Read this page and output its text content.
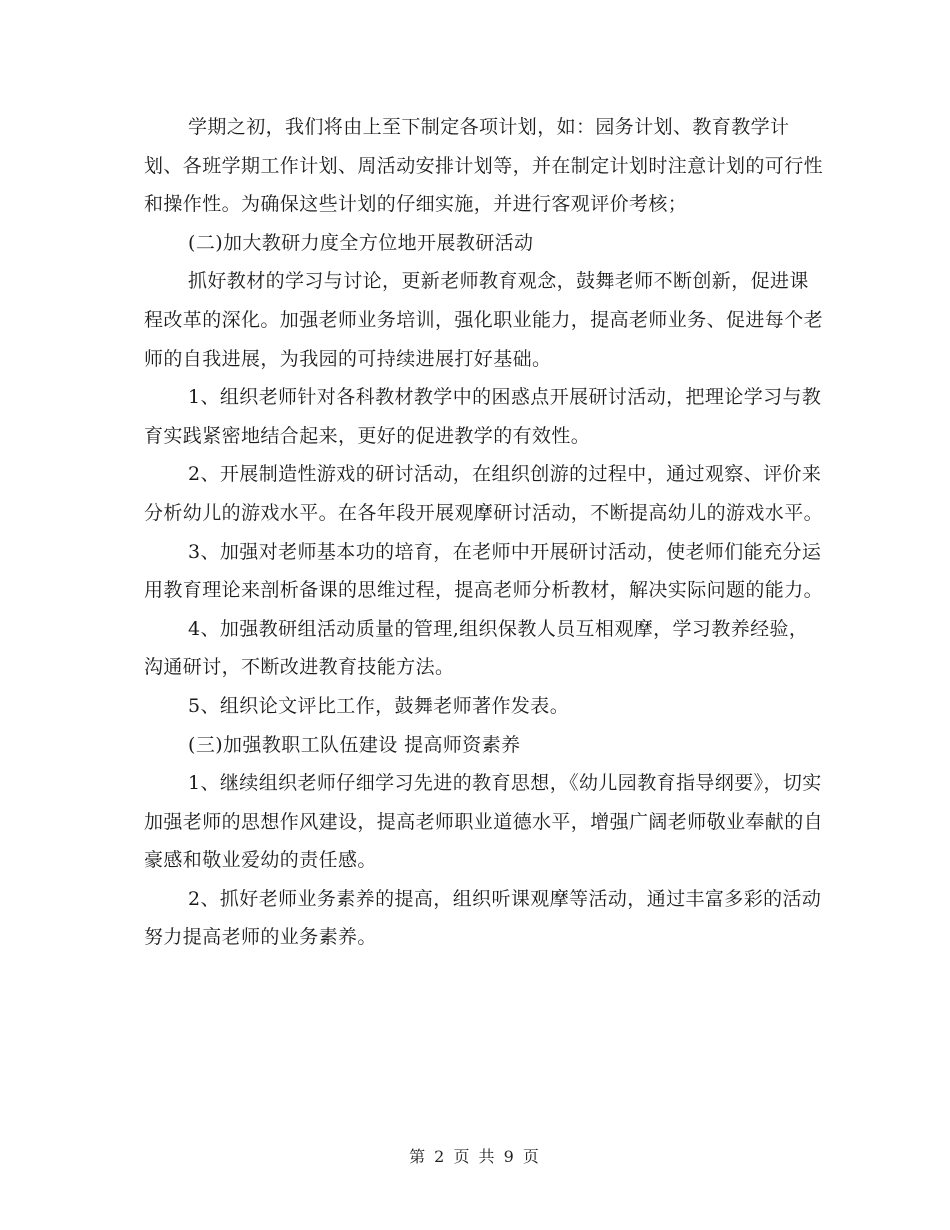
学期之初，我们将由上至下制定各项计划，如：园务计划、教育教学计划、各班学期工作计划、周活动安排计划等，并在制定计划时注意计划的可行性和操作性。为确保这些计划的仔细实施，并进行客观评价考核；

(二)加大教研力度全方位地开展教研活动

抓好教材的学习与讨论，更新老师教育观念，鼓舞老师不断创新，促进课程改革的深化。加强老师业务培训，强化职业能力，提高老师业务、促进每个老师的自我进展，为我园的可持续进展打好基础。

1、组织老师针对各科教材教学中的困惑点开展研讨活动，把理论学习与教育实践紧密地结合起来，更好的促进教学的有效性。

2、开展制造性游戏的研讨活动，在组织创游的过程中，通过观察、评价来分析幼儿的游戏水平。在各年段开展观摩研讨活动，不断提高幼儿的游戏水平。

3、加强对老师基本功的培育，在老师中开展研讨活动，使老师们能充分运用教育理论来剖析备课的思维过程，提高老师分析教材，解决实际问题的能力。

4、加强教研组活动质量的管理,组织保教人员互相观摩，学习教养经验，沟通研讨，不断改进教育技能方法。

5、组织论文评比工作，鼓舞老师著作发表。

(三)加强教职工队伍建设 提高师资素养

1、继续组织老师仔细学习先进的教育思想，《幼儿园教育指导纲要》，切实加强老师的思想作风建设，提高老师职业道德水平，增强广阔老师敬业奉献的自豪感和敬业爱幼的责任感。

2、抓好老师业务素养的提高，组织听课观摩等活动，通过丰富多彩的活动努力提高老师的业务素养。

第 2 页 共 9 页
